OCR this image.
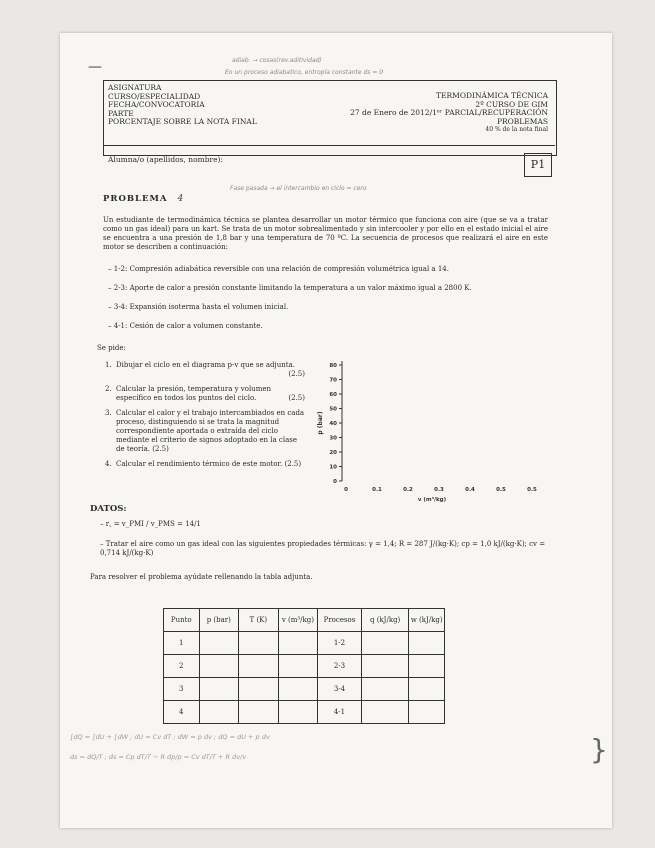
—	adiab. → cosas(rev.aditividad)
En un proceso adiabatico, entropía constante ds = 0
ASIGNATURA
CURSO/ESPECIALIDAD
FECHA/CONVOCATORIA
PARTE
PORCENTAJE SOBRE LA NOTA FINAL
TERMODINÁMICA TÉCNICA
2º CURSO DE GIM
27 de Enero de 2012/1ᵉʳ PARCIAL/RECUPERACIÓN
PROBLEMAS
40 % de la nota final
Alumna/o (apellidos, nombre):	P1
PROBLEMA 4
Fase pasada → el intercambio en ciclo = cero
Un estudiante de termodinámica técnica se plantea desarrollar un motor térmico que funciona con aire (que se va a tratar como un gas ideal) para un kart. Se trata de un motor sobrealimentado y sin intercooler y por ello en el estado inicial el aire se encuentra a una presión de 1,8 bar y una temperatura de 70 ºC. La secuencia de procesos que realizará el aire en este motor se describen a continuación:
– 1-2: Compresión adiabática reversible con una relación de compresión volumétrica igual a 14.
– 2-3: Aporte de calor a presión constante limitando la temperatura a un valor máximo igual a 2800 K.
– 3-4: Expansión isoterma hasta el volumen inicial.
– 4-1: Cesión de calor a volumen constante.
Se pide:
1. Dibujar el ciclo en el diagrama p-v que se adjunta.
(2.5)
2. Calcular la presión, temperatura y volumen específico en todos los puntos del ciclo.	(2.5)
3. Calcular el calor y el trabajo intercambiados en cada proceso, distinguiendo si se trata la magnitud correspondiente aportada o extraída del ciclo mediante el criterio de signos adoptado en la clase de teoría. (2.5)
4. Calcular el rendimiento térmico de este motor. (2.5)
0
10
20
30
40
50
60
70
80
0	0.1	0.2	0.3	0.4	0.5	0.5
p (bar)
v (m³/kg)
DATOS:
– r꜀ = v_PMI / v_PMS = 14/1
– Tratar el aire como un gas ideal con las siguientes propiedades térmicas: γ = 1,4; R = 287 J/(kg·K); cp = 1,0 kJ/(kg·K); cv = 0,714 kJ/(kg·K)
Para resolver el problema ayúdate rellenando la tabla adjunta.
Punto	p (bar)	T (K)	v (m³/kg)	Procesos	q (kJ/kg)	w (kJ/kg)
1				1-2		
2				2-3		
3				3-4		
4				4-1		
∫dQ = ∫dU + ∫dW ; dU = Cv dT ; dW = p dv ; dQ = dU + p dv
ds = dQ/T ; ds = Cp dT/T − R dp/p = Cv dT/T + R dv/v	}
